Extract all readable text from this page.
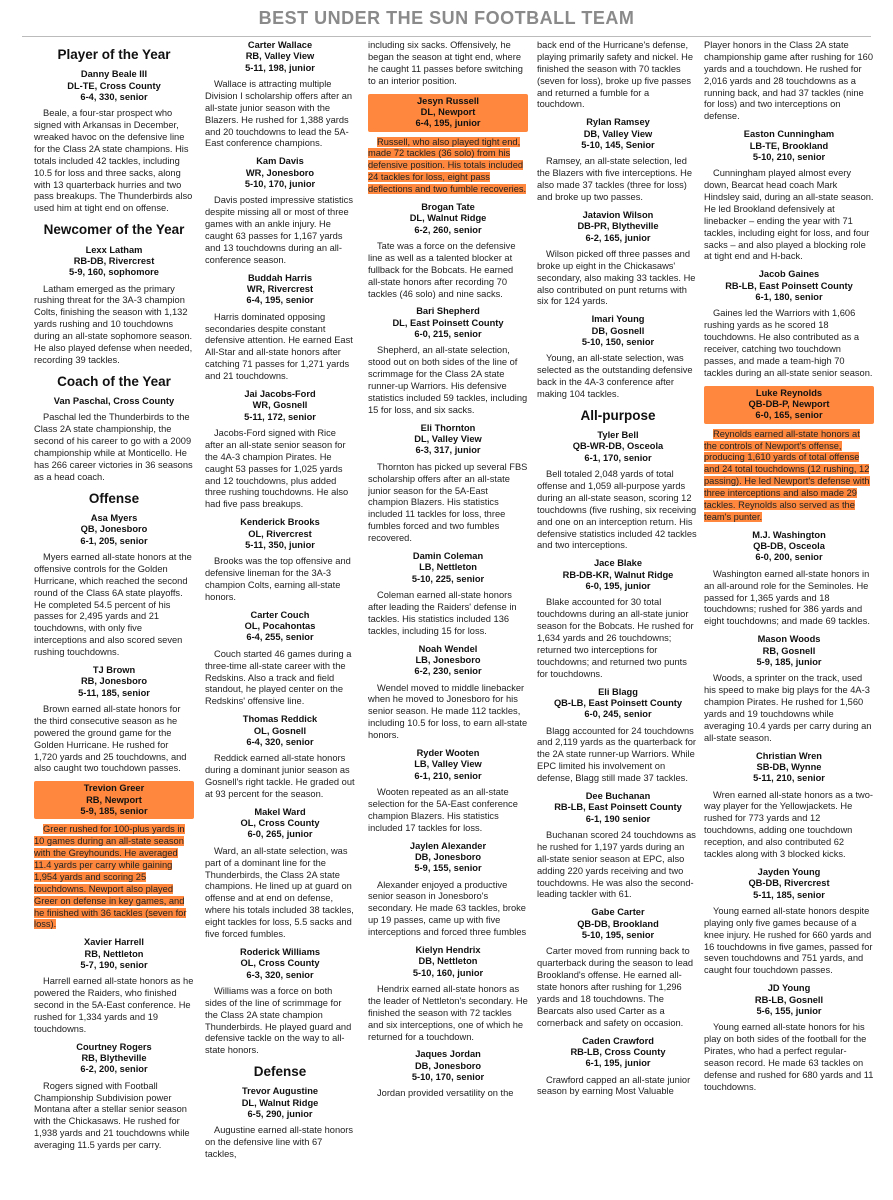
BEST UNDER THE SUN FOOTBALL TEAM
Player of the Year
Danny Beale III
DL-TE, Cross County
6-4, 330, senior
Beale, a four-star prospect who signed with Arkansas in December, wreaked havoc on the defensive line for the Class 2A state champions. His totals included 42 tackles, including 10.5 for loss and three sacks, along with 13 quarterback hurries and two pass breakups. The Thunderbirds also used him at tight end on offense.
Newcomer of the Year
Lexx Latham
RB-DB, Rivercrest
5-9, 160, sophomore
Latham emerged as the primary rushing threat for the 3A-3 champion Colts, finishing the season with 1,132 yards rushing and 10 touchdowns during an all-state sophomore season. He also played defense when needed, recording 39 tackles.
Coach of the Year
Van Paschal, Cross County
Paschal led the Thunderbirds to the Class 2A state championship, the second of his career to go with a 2009 championship while at Monticello. He has 266 career victories in 36 seasons as a head coach.
Offense
Asa Myers
QB, Jonesboro
6-1, 205, senior
Myers earned all-state honors at the offensive controls for the Golden Hurricane, which reached the second round of the Class 6A state playoffs. He completed 54.5 percent of his passes for 2,495 yards and 21 touchdowns, with only five interceptions and also scored seven rushing touchdowns.
TJ Brown
RB, Jonesboro
5-11, 185, senior
Brown earned all-state honors for the third consecutive season as he powered the ground game for the Golden Hurricane. He rushed for 1,720 yards and 25 touchdowns, and also caught two touchdown passes.
Trevion Greer
RB, Newport
5-9, 185, senior
Greer rushed for 100-plus yards in 10 games during an all-state season with the Greyhounds. He averaged 11.4 yards per carry while gaining 1,954 yards and scoring 25 touchdowns. Newport also played Greer on defense in key games, and he finished with 36 tackles (seven for loss).
Xavier Harrell
RB, Nettleton
5-7, 190, senior
Harrell earned all-state honors as he powered the Raiders, who finished second in the 5A-East conference. He rushed for 1,334 yards and 19 touchdowns.
Courtney Rogers
RB, Blytheville
6-2, 200, senior
Rogers signed with Football Championship Subdivision power Montana after a stellar senior season with the Chickasaws. He rushed for 1,938 yards and 21 touchdowns while averaging 11.5 yards per carry.
Carter Wallace
RB, Valley View
5-11, 198, junior
Wallace is attracting multiple Division I scholarship offers after an all-state junior season with the Blazers. He rushed for 1,388 yards and 20 touchdowns to lead the 5A-East conference champions.
Kam Davis
WR, Jonesboro
5-10, 170, junior
Davis posted impressive statistics despite missing all or most of three games with an ankle injury. He caught 63 passes for 1,167 yards and 13 touchdowns during an all-conference season.
Buddah Harris
WR, Rivercrest
6-4, 195, senior
Harris dominated opposing secondaries despite constant defensive attention. He earned East All-Star and all-state honors after catching 71 passes for 1,271 yards and 21 touchdowns.
Jai Jacobs-Ford
WR, Gosnell
5-11, 172, senior
Jacobs-Ford signed with Rice after an all-state senior season for the 4A-3 champion Pirates. He caught 53 passes for 1,025 yards and 12 touchdowns, plus added three rushing touchdowns. He also had five pass breakups.
Kenderick Brooks
OL, Rivercrest
5-11, 350, junior
Brooks was the top offensive and defensive lineman for the 3A-3 champion Colts, earning all-state honors.
Carter Couch
OL, Pocahontas
6-4, 255, senior
Couch started 46 games during a three-time all-state career with the Redskins. Also a track and field standout, he played center on the Redskins' offensive line.
Thomas Reddick
OL, Gosnell
6-4, 320, senior
Reddick earned all-state honors during a dominant junior season as Gosnell's right tackle. He graded out at 93 percent for the season.
Makel Ward
OL, Cross County
6-0, 265, junior
Ward, an all-state selection, was part of a dominant line for the Thunderbirds, the Class 2A state champions. He lined up at guard on offense and at end on defense, where his totals included 38 tackles, eight tackles for loss, 5.5 sacks and five forced fumbles.
Roderick Williams
OL, Cross County
6-3, 320, senior
Williams was a force on both sides of the line of scrimmage for the Class 2A state champion Thunderbirds. He played guard and defensive tackle on the way to all-state honors.
Defense
Trevor Augustine
DL, Walnut Ridge
6-5, 290, junior
Augustine earned all-state honors on the defensive line with 67 tackles,
including six sacks. Offensively, he began the season at tight end, where he caught 11 passes before switching to an interior position.
Jesyn Russell
DL, Newport
6-4, 195, junior
Russell, who also played tight end, made 72 tackles (36 solo) from his defensive position. His totals included 24 tackles for loss, eight pass deflections and two fumble recoveries.
Brogan Tate
DL, Walnut Ridge
6-2, 260, senior
Tate was a force on the defensive line as well as a talented blocker at fullback for the Bobcats. He earned all-state honors after recording 70 tackles (46 solo) and nine sacks.
Bari Shepherd
DL, East Poinsett County
6-0, 215, senior
Shepherd, an all-state selection, stood out on both sides of the line of scrimmage for the Class 2A state runner-up Warriors. His defensive statistics included 59 tackles, including 15 for loss, and six sacks.
Eli Thornton
DL, Valley View
6-3, 317, junior
Thornton has picked up several FBS scholarship offers after an all-state junior season for the 5A-East champion Blazers. His statistics included 11 tackles for loss, three fumbles forced and two fumbles recovered.
Damin Coleman
LB, Nettleton
5-10, 225, senior
Coleman earned all-state honors after leading the Raiders' defense in tackles. His statistics included 136 tackles, including 15 for loss.
Noah Wendel
LB, Jonesboro
6-2, 230, senior
Wendel moved to middle linebacker when he moved to Jonesboro for his senior season. He made 112 tackles, including 10.5 for loss, to earn all-state honors.
Ryder Wooten
LB, Valley View
6-1, 210, senior
Wooten repeated as an all-state selection for the 5A-East conference champion Blazers. His statistics included 17 tackles for loss.
Jaylen Alexander
DB, Jonesboro
5-9, 155, senior
Alexander enjoyed a productive senior season in Jonesboro's secondary. He made 63 tackles, broke up 19 passes, came up with five interceptions and forced three fumbles
Kielyn Hendrix
DB, Nettleton
5-10, 160, junior
Hendrix earned all-state honors as the leader of Nettleton's secondary. He finished the season with 72 tackles and six interceptions, one of which he returned for a touchdown.
Jaques Jordan
DB, Jonesboro
5-10, 170, senior
Jordan provided versatility on the
back end of the Hurricane's defense, playing primarily safety and nickel. He finished the season with 70 tackles (seven for loss), broke up five passes and returned a fumble for a touchdown.
Rylan Ramsey
DB, Valley View
5-10, 145, Senior
Ramsey, an all-state selection, led the Blazers with five interceptions. He also made 37 tackles (three for loss) and broke up two passes.
Jatavion Wilson
DB-PR, Blytheville
6-2, 165, junior
Wilson picked off three passes and broke up eight in the Chickasaws' secondary, also making 33 tackles. He also contributed on punt returns with six for 124 yards.
Imari Young
DB, Gosnell
5-10, 150, senior
Young, an all-state selection, was selected as the outstanding defensive back in the 4A-3 conference after making 104 tackles.
All-purpose
Tyler Bell
QB-WR-DB, Osceola
6-1, 170, senior
Bell totaled 2,048 yards of total offense and 1,059 all-purpose yards during an all-state season, scoring 12 touchdowns (five rushing, six receiving and one on an interception return. His defensive statistics included 42 tackles and two interceptions.
Jace Blake
RB-DB-KR, Walnut Ridge
6-0, 195, junior
Blake accounted for 30 total touchdowns during an all-state junior season for the Bobcats. He rushed for 1,634 yards and 26 touchdowns; returned two interceptions for touchdowns; and returned two punts for touchdowns.
Eli Blagg
QB-LB, East Poinsett County
6-0, 245, senior
Blagg accounted for 24 touchdowns and 2,119 yards as the quarterback for the 2A state runner-up Warriors. While EPC limited his involvement on defense, Blagg still made 37 tackles.
Dee Buchanan
RB-LB, East Poinsett County
6-1, 190 senior
Buchanan scored 24 touchdowns as he rushed for 1,197 yards during an all-state senior season at EPC, also adding 220 yards receiving and two touchdowns. He was also the second-leading tackler with 61.
Gabe Carter
QB-DB, Brookland
5-10, 195, senior
Carter moved from running back to quarterback during the season to lead Brookland's offense. He earned all-state honors after rushing for 1,296 yards and 18 touchdowns. The Bearcats also used Carter as a cornerback and safety on occasion.
Caden Crawford
RB-LB, Cross County
6-1, 195, junior
Crawford capped an all-state junior season by earning Most Valuable
Player honors in the Class 2A state championship game after rushing for 160 yards and a touchdown. He rushed for 2,016 yards and 28 touchdowns as a running back, and had 37 tackles (nine for loss) and two interceptions on defense.
Easton Cunningham
LB-TE, Brookland
5-10, 210, senior
Cunningham played almost every down, Bearcat head coach Mark Hindsley said, during an all-state season. He led Brookland defensively at linebacker – ending the year with 71 tackles, including eight for loss, and four sacks – and also played a blocking role at tight end and H-back.
Jacob Gaines
RB-LB, East Poinsett County
6-1, 180, senior
Gaines led the Warriors with 1,606 rushing yards as he scored 18 touchdowns. He also contributed as a receiver, catching two touchdown passes, and made a team-high 70 tackles during an all-state senior season.
Luke Reynolds
QB-DB-P, Newport
6-0, 165, senior
Reynolds earned all-state honors at the controls of Newport's offense, producing 1,610 yards of total offense and 24 total touchdowns (12 rushing, 12 passing). He led Newport's defense with three interceptions and also made 29 tackles. Reynolds also served as the team's punter.
M.J. Washington
QB-DB, Osceola
6-0, 200, senior
Washington earned all-state honors in an all-around role for the Seminoles. He passed for 1,365 yards and 18 touchdowns; rushed for 386 yards and eight touchdowns; and made 69 tackles.
Mason Woods
RB, Gosnell
5-9, 185, junior
Woods, a sprinter on the track, used his speed to make big plays for the 4A-3 champion Pirates. He rushed for 1,560 yards and 19 touchdowns while averaging 10.4 yards per carry during an all-state season.
Christian Wren
SB-DB, Wynne
5-11, 210, senior
Wren earned all-state honors as a two-way player for the Yellowjackets. He rushed for 773 yards and 12 touchdowns, adding one touchdown reception, and also contributed 62 tackles along with 3 blocked kicks.
Jayden Young
QB-DB, Rivercrest
5-11, 185, senior
Young earned all-state honors despite playing only five games because of a knee injury. He rushed for 660 yards and 16 touchdowns in five games, passed for seven touchdowns and 751 yards, and caught four touchdown passes.
JD Young
RB-LB, Gosnell
5-6, 155, junior
Young earned all-state honors for his play on both sides of the football for the Pirates, who had a perfect regular-season record. He made 63 tackles on defense and rushed for 680 yards and 11 touchdowns.
